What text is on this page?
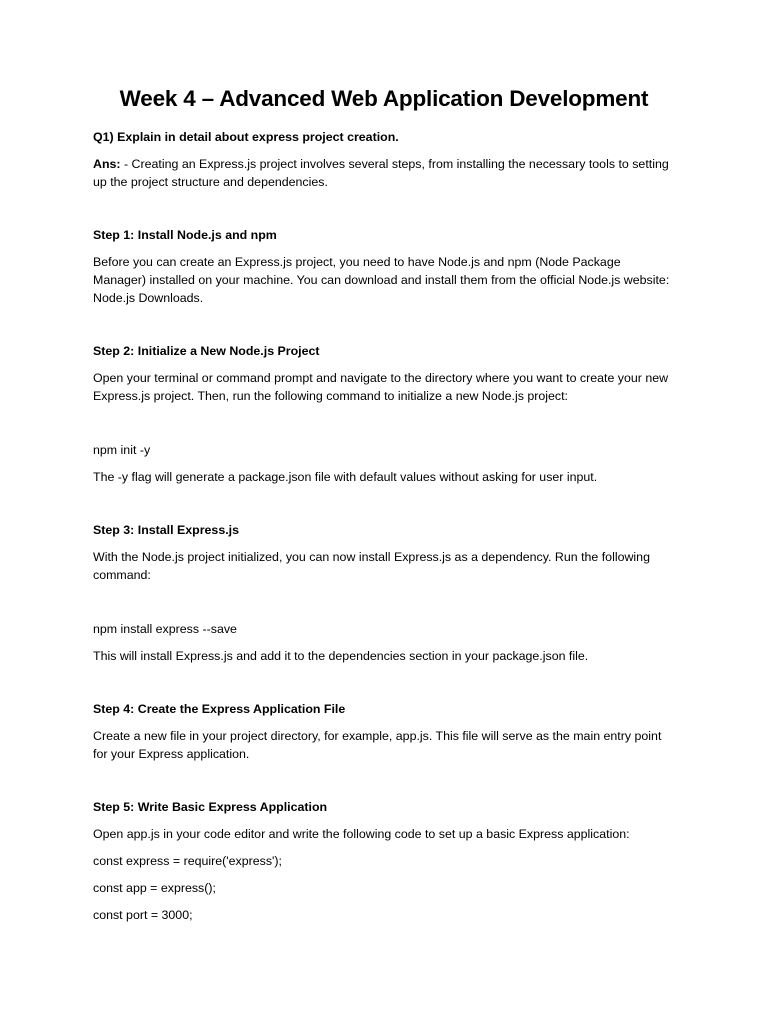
Week 4 – Advanced Web Application Development

Q1) Explain in detail about express project creation.

Ans: - Creating an Express.js project involves several steps, from installing the necessary tools to setting up the project structure and dependencies.

Step 1: Install Node.js and npm

Before you can create an Express.js project, you need to have Node.js and npm (Node Package Manager) installed on your machine. You can download and install them from the official Node.js website: Node.js Downloads.

Step 2: Initialize a New Node.js Project

Open your terminal or command prompt and navigate to the directory where you want to create your new Express.js project. Then, run the following command to initialize a new Node.js project:

npm init -y

The -y flag will generate a package.json file with default values without asking for user input.

Step 3: Install Express.js

With the Node.js project initialized, you can now install Express.js as a dependency. Run the following command:

npm install express --save

This will install Express.js and add it to the dependencies section in your package.json file.

Step 4: Create the Express Application File

Create a new file in your project directory, for example, app.js. This file will serve as the main entry point for your Express application.

Step 5: Write Basic Express Application

Open app.js in your code editor and write the following code to set up a basic Express application:

const express = require('express');

const app = express();

const port = 3000;
